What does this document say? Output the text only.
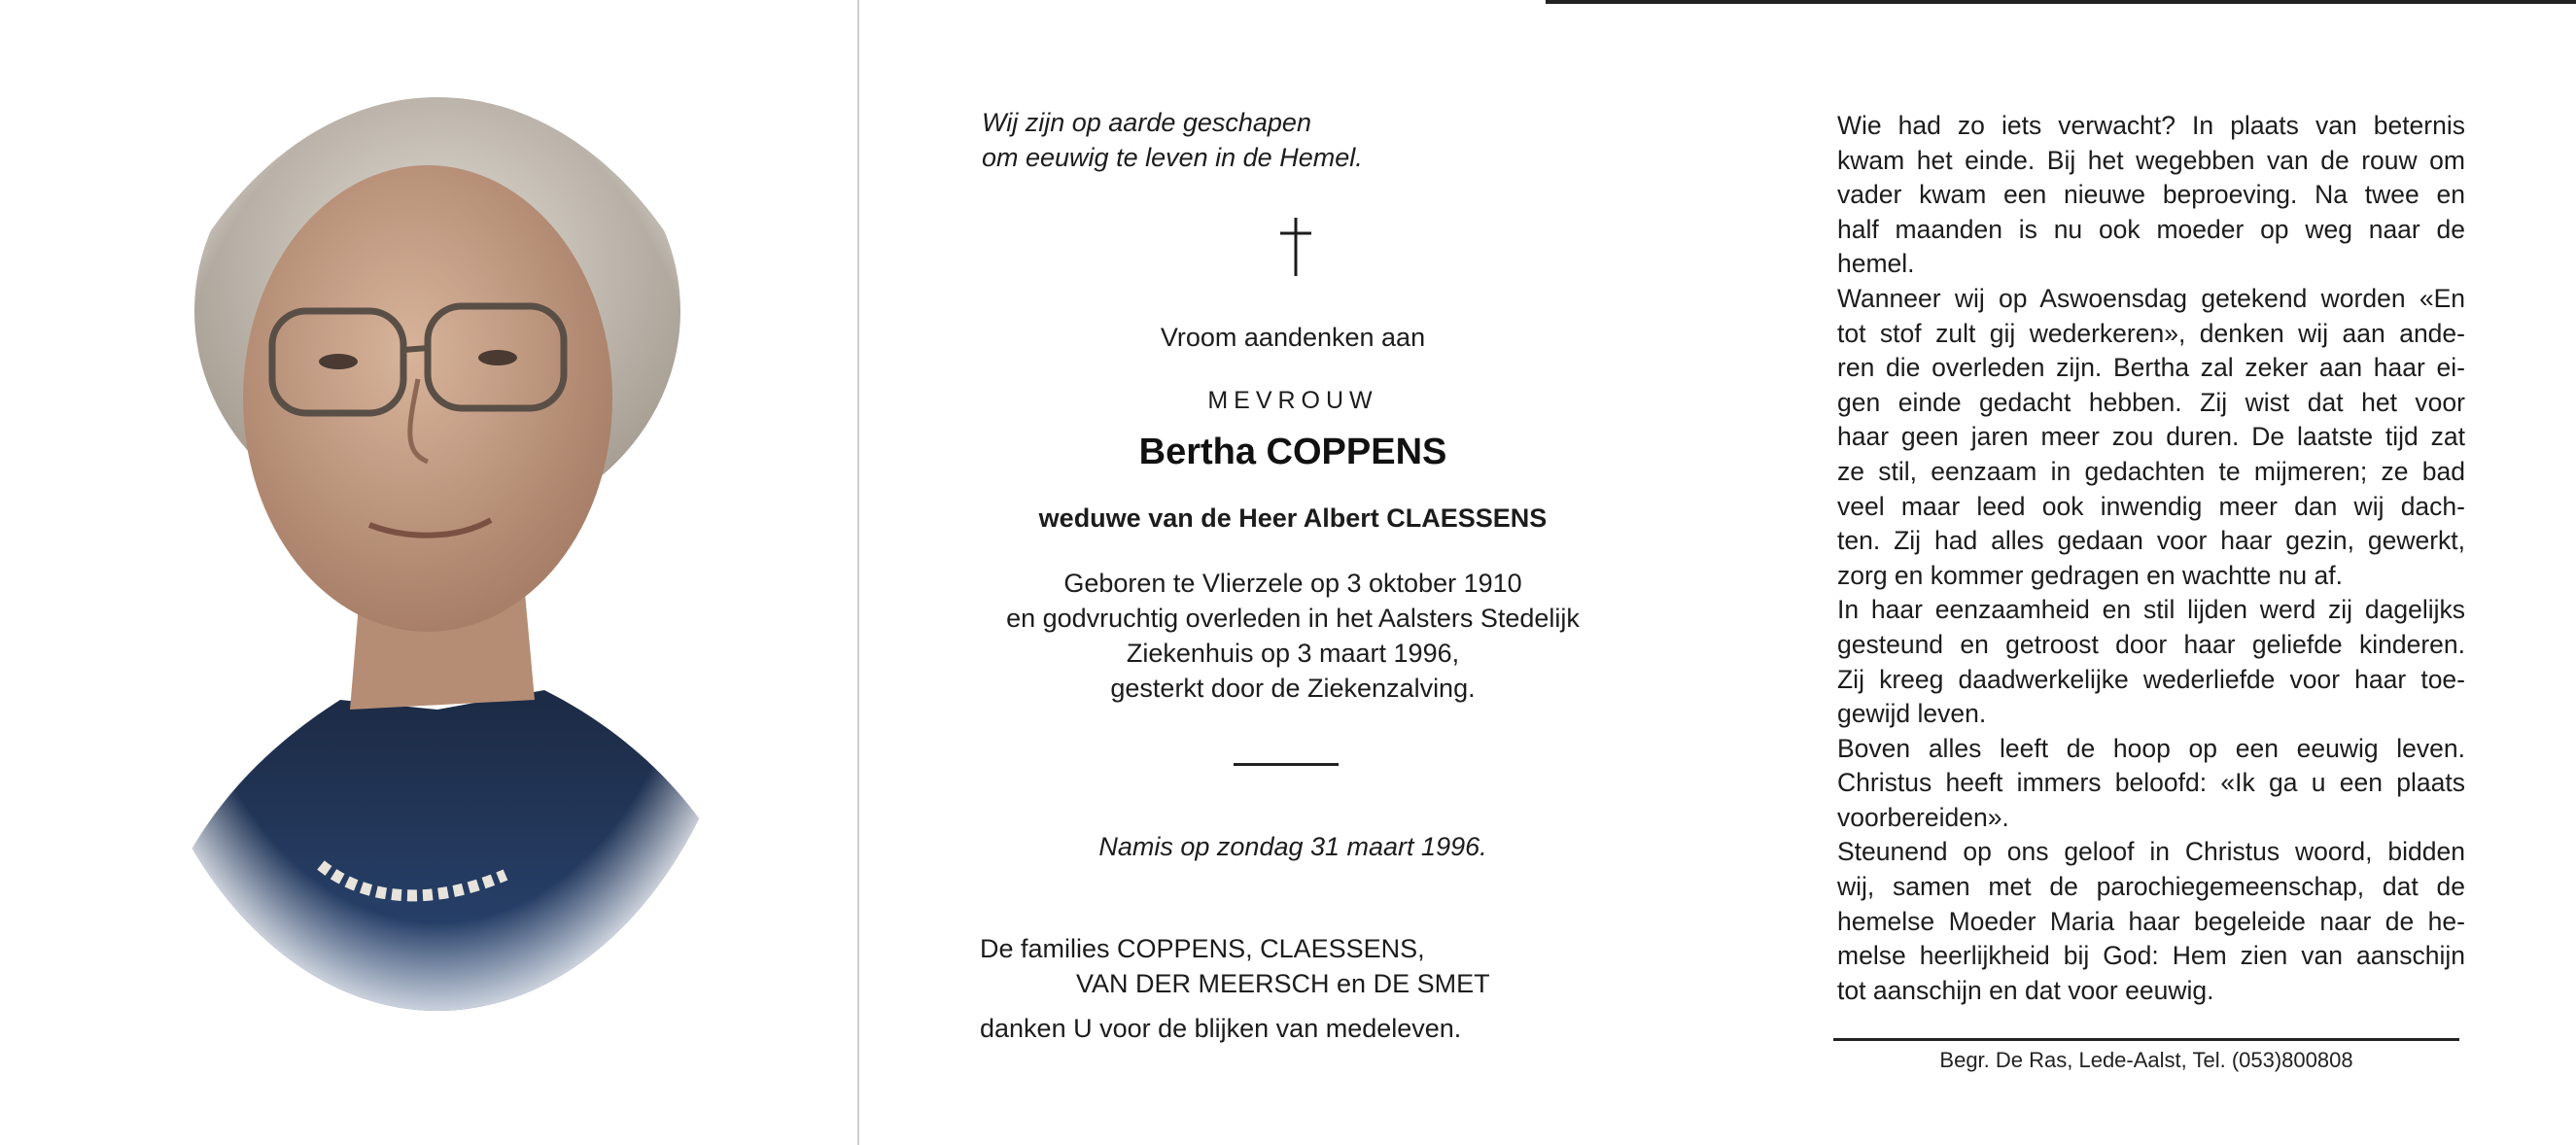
Wij zijn op aarde geschapen
om eeuwig te leven in de Hemel.

Vroom aandenken aan
MEVROUW
Bertha COPPENS
weduwe van de Heer Albert CLAESSENS
Geboren te Vlierzele op 3 oktober 1910
en godvruchtig overleden in het Aalsters Stedelijk
Ziekenhuis op 3 maart 1996,
gesterkt door de Ziekenzalving.
Namis op zondag 31 maart 1996.
De families COPPENS, CLAESSENS,
VAN DER MEERSCH en DE SMET
danken U voor de blijken van medeleven.
Wie had zo iets verwacht? In plaats van beternis
kwam het einde. Bij het wegebben van de rouw om
vader kwam een nieuwe beproeving. Na twee en
half maanden is nu ook moeder op weg naar de
hemel.
Wanneer wij op Aswoensdag getekend worden «En
tot stof zult gij wederkeren», denken wij aan ande-
ren die overleden zijn. Bertha zal zeker aan haar ei-
gen einde gedacht hebben. Zij wist dat het voor
haar geen jaren meer zou duren. De laatste tijd zat
ze stil, eenzaam in gedachten te mijmeren; ze bad
veel maar leed ook inwendig meer dan wij dach-
ten. Zij had alles gedaan voor haar gezin, gewerkt,
zorg en kommer gedragen en wachtte nu af.
In haar eenzaamheid en stil lijden werd zij dagelijks
gesteund en getroost door haar geliefde kinderen.
Zij kreeg daadwerkelijke wederliefde voor haar toe-
gewijd leven.
Boven alles leeft de hoop op een eeuwig leven.
Christus heeft immers beloofd: «Ik ga u een plaats
voorbereiden».
Steunend op ons geloof in Christus woord, bidden
wij, samen met de parochiegemeenschap, dat de
hemelse Moeder Maria haar begeleide naar de he-
melse heerlijkheid bij God: Hem zien van aanschijn
tot aanschijn en dat voor eeuwig.
Begr. De Ras, Lede-Aalst, Tel. (053)800808
